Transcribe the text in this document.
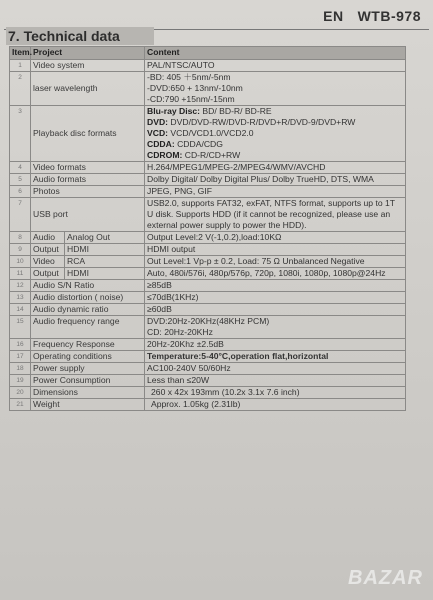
EN WTB-978
7. Technical data
Item.	Project		Content
1	Video system		PAL/NTSC/AUTO
2	laser wavelength		-BD: 405 ＋5nm/-5nm
-DVD:650 + 13nm/-10nm
-CD:790 +15nm/-15nm

3	Playback disc formats		Blu-ray Disc: BD/ BD-R/ BD-RE
DVD: DVD/DVD-RW/DVD-R/DVD+R/DVD-9/DVD+RW
VCD: VCD/VCD1.0/VCD2.0
CDDA: CDDA/CDG
CDROM: CD-R/CD+RW

4	Video formats		H.264/MPEG1/MPEG-2/MPEG4/WMV/AVCHD
5	Audio formats		Dolby Digital/ Dolby Digital Plus/ Dolby TrueHD, DTS, WMA
6	Photos		JPEG, PNG, GIF
7	USB port		USB2.0, supports FAT32, exFAT, NTFS format, supports up to 1T U disk. Supports HDD (if it cannot be recognized, please use an external power supply to power the HDD).
8	Audio	Analog Out	Output Level:2 V(-1,0.2),load:10KΩ
9	Output	HDMI	HDMI output
10	Video	RCA	Out Level:1 Vp-p ± 0.2, Load: 75 Ω Unbalanced Negative
11	Output	HDMI	Auto, 480i/576i, 480p/576p, 720p, 1080i, 1080p, 1080p@24Hz
12	Audio S/N Ratio		≥85dB
13	Audio distortion ( noise)		≤70dB(1KHz)
14	Audio dynamic ratio		≥60dB
15	Audio frequency range		DVD:20Hz-20KHz(48KHz PCM)
CD: 20Hz-20KHz

16	Frequency Response		20Hz-20Khz ±2.5dB
17	Operating conditions		Temperature:5-40°C,operation flat,horizontal
18	Power supply		AC100-240V 50/60Hz
19	Power Consumption		Less than ≤20W
20	Dimensions		260 x 42x 193mm (10.2x 3.1x 7.6 inch)
21	Weight		Approx. 1.05kg (2.31lb)
BAZAR
